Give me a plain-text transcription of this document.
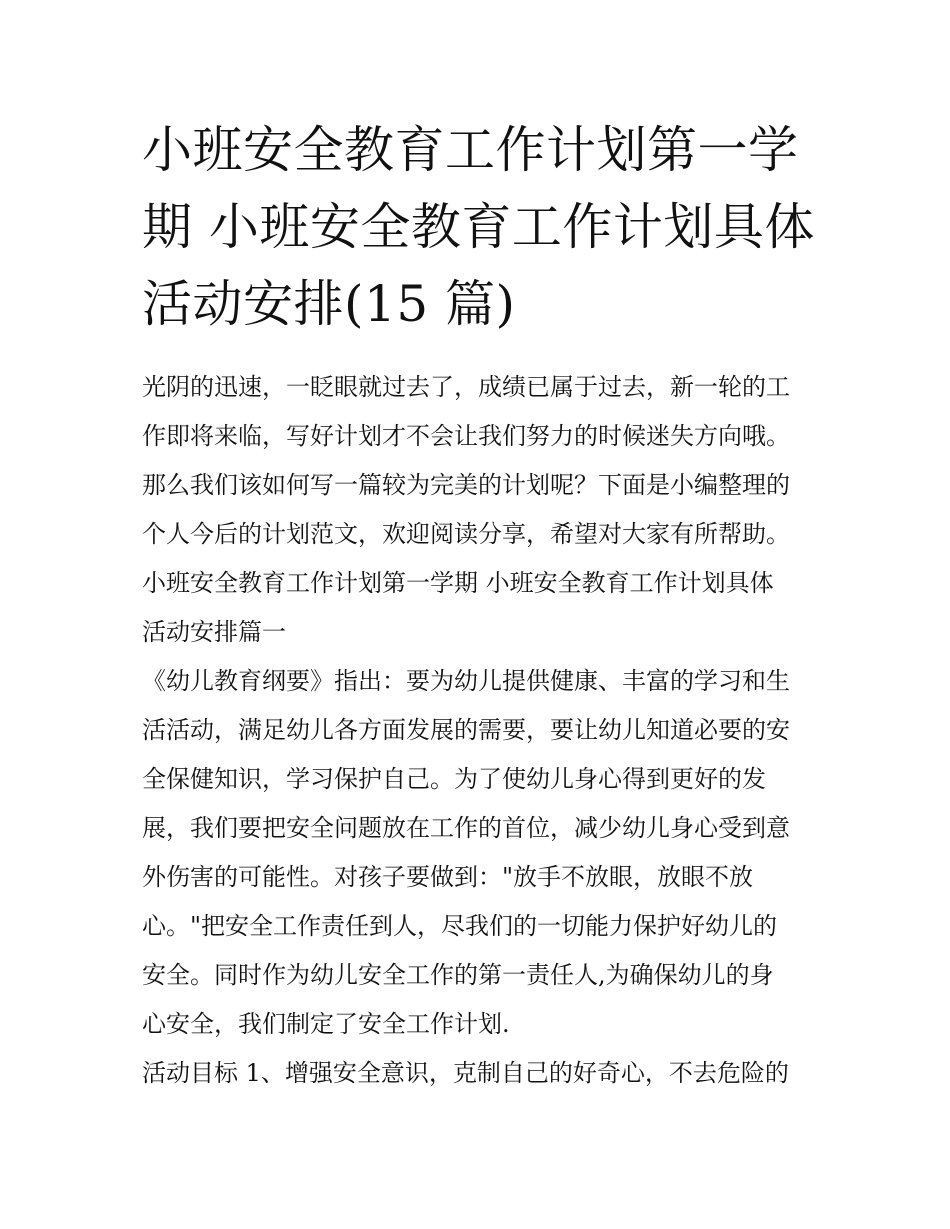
小班安全教育工作计划第一学
期 小班安全教育工作计划具体
活动安排(15 篇)
光阴的迅速，一眨眼就过去了，成绩已属于过去，新一轮的工
作即将来临，写好计划才不会让我们努力的时候迷失方向哦。
那么我们该如何写一篇较为完美的计划呢？下面是小编整理的
个人今后的计划范文，欢迎阅读分享，希望对大家有所帮助。
小班安全教育工作计划第一学期 小班安全教育工作计划具体
活动安排篇一
《幼儿教育纲要》指出：要为幼儿提供健康、丰富的学习和生
活活动，满足幼儿各方面发展的需要，要让幼儿知道必要的安
全保健知识，学习保护自己。为了使幼儿身心得到更好的发
展，我们要把安全问题放在工作的首位，减少幼儿身心受到意
外伤害的可能性。对孩子要做到："放手不放眼，放眼不放
心。"把安全工作责任到人，尽我们的一切能力保护好幼儿的
安全。同时作为幼儿安全工作的第一责任人,为确保幼儿的身
心安全，我们制定了安全工作计划.
活动目标 1、增强安全意识，克制自己的好奇心，不去危险的
